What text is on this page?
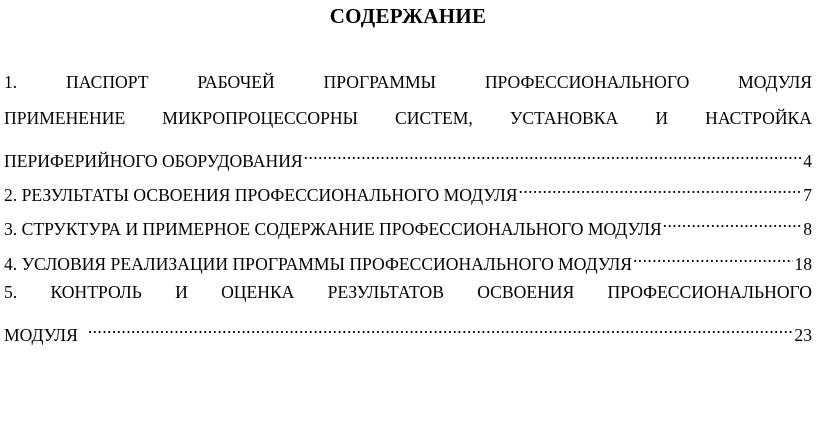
СОДЕРЖАНИЕ
1. ПАСПОРТ РАБОЧЕЙ ПРОГРАММЫ ПРОФЕССИОНАЛЬНОГО МОДУЛЯ
ПРИМЕНЕНИЕ МИКРОПРОЦЕССОРНЫ СИСТЕМ, УСТАНОВКА И НАСТРОЙКА
ПЕРИФЕРИЙНОГО ОБОРУДОВАНИЯ .....	4
2. РЕЗУЛЬТАТЫ ОСВОЕНИЯ ПРОФЕССИОНАЛЬНОГО МОДУЛЯ .....	7
3. СТРУКТУРА И ПРИМЕРНОЕ СОДЕРЖАНИЕ ПРОФЕССИОНАЛЬНОГО МОДУЛЯ .....	8
4. УСЛОВИЯ РЕАЛИЗАЦИИ ПРОГРАММЫ ПРОФЕССИОНАЛЬНОГО МОДУЛЯ .....	18
5. КОНТРОЛЬ И ОЦЕНКА РЕЗУЛЬТАТОВ ОСВОЕНИЯ ПРОФЕССИОНАЛЬНОГО
МОДУЛЯ .....	23
